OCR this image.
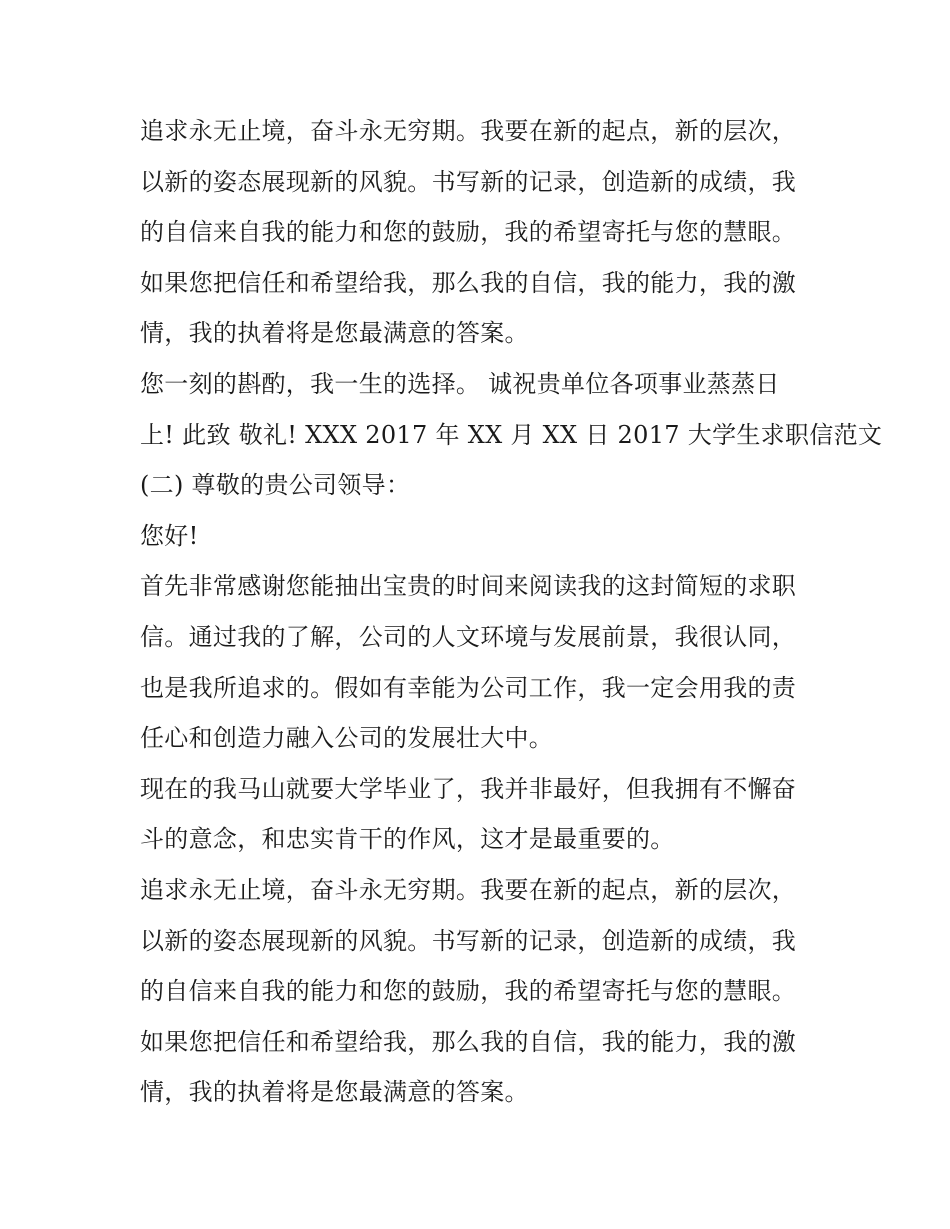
追求永无止境，奋斗永无穷期。我要在新的起点，新的层次，
以新的姿态展现新的风貌。书写新的记录，创造新的成绩，我
的自信来自我的能力和您的鼓励，我的希望寄托与您的慧眼。
如果您把信任和希望给我，那么我的自信，我的能力，我的激
情，我的执着将是您最满意的答案。
您一刻的斟酌，我一生的选择。 诚祝贵单位各项事业蒸蒸日
上! 此致 敬礼! XXX 2017 年 XX 月 XX 日 2017 大学生求职信范文
(二) 尊敬的贵公司领导：
您好!
首先非常感谢您能抽出宝贵的时间来阅读我的这封简短的求职
信。通过我的了解，公司的人文环境与发展前景，我很认同，
也是我所追求的。假如有幸能为公司工作，我一定会用我的责
任心和创造力融入公司的发展壮大中。
现在的我马山就要大学毕业了，我并非最好，但我拥有不懈奋
斗的意念，和忠实肯干的作风，这才是最重要的。
追求永无止境，奋斗永无穷期。我要在新的起点，新的层次，
以新的姿态展现新的风貌。书写新的记录，创造新的成绩，我
的自信来自我的能力和您的鼓励，我的希望寄托与您的慧眼。
如果您把信任和希望给我，那么我的自信，我的能力，我的激
情，我的执着将是您最满意的答案。
